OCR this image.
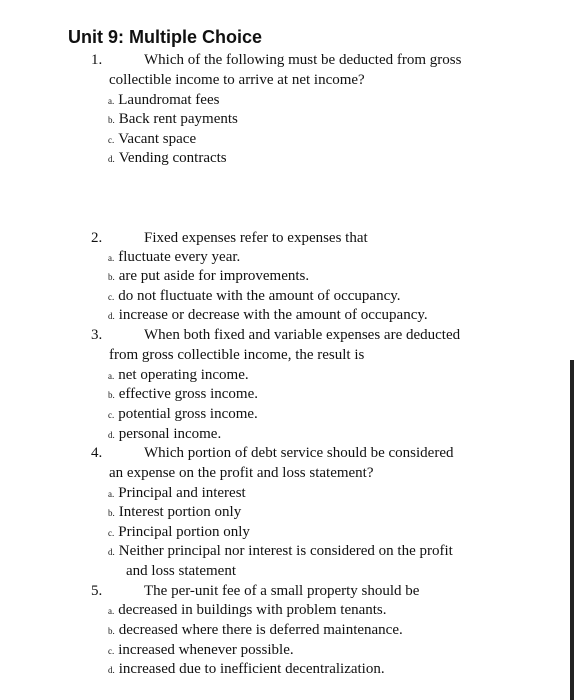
Unit 9: Multiple Choice
1.	Which of the following must be deducted from gross
collectible income to arrive at net income?
a. Laundromat fees
b. Back rent payments
c. Vacant space
d. Vending contracts
2.	Fixed expenses refer to expenses that
a. fluctuate every year.
b. are put aside for improvements.
c. do not fluctuate with the amount of occupancy.
d. increase or decrease with the amount of occupancy.
3.	When both fixed and variable expenses are deducted
from gross collectible income, the result is
a. net operating income.
b. effective gross income.
c. potential gross income.
d. personal income.
4.	Which portion of debt service should be considered
an expense on the profit and loss statement?
a. Principal and interest
b. Interest portion only
c. Principal portion only
d. Neither principal nor interest is considered on the profit
and loss statement
5.	The per-unit fee of a small property should be
a. decreased in buildings with problem tenants.
b. decreased where there is deferred maintenance.
c. increased whenever possible.
d. increased due to inefficient decentralization.
